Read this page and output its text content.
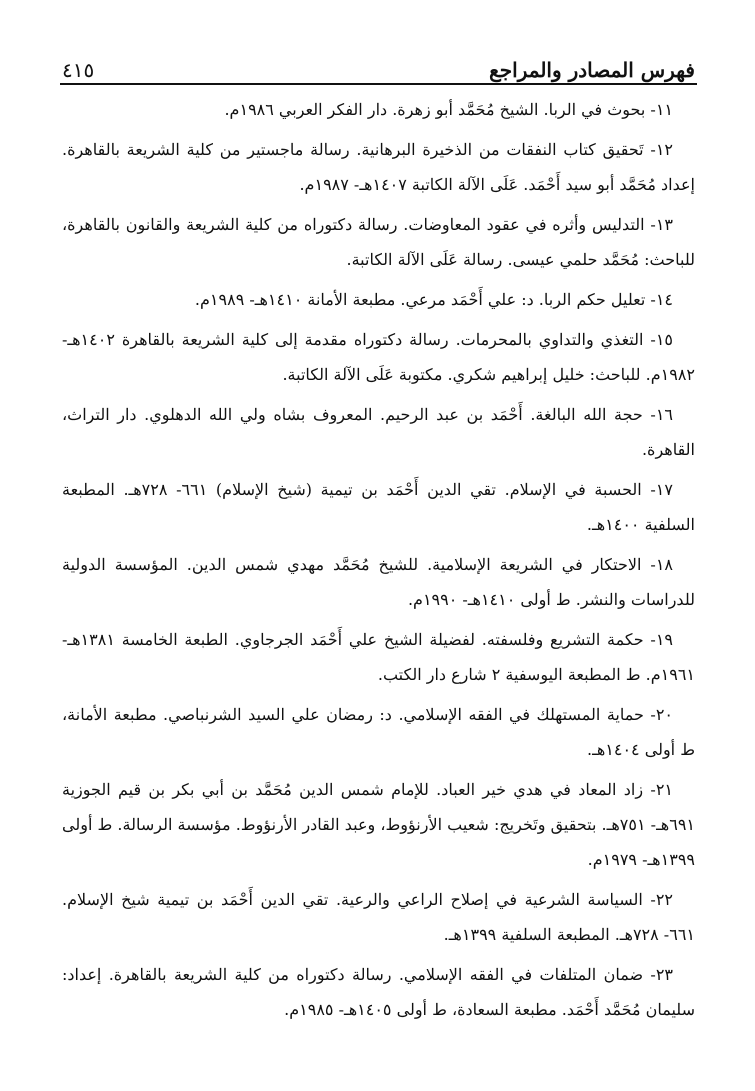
فهرس المصادر والمراجع
٤١٥

١١- بحوث في الربا. الشيخ مُحَمَّد أبو زهرة. دار الفكر العربي ١٩٨٦م.

١٢- تَحقيق كتاب النفقات من الذخيرة البرهانية. رسالة ماجستير من كلية الشريعة بالقاهرة. إعداد مُحَمَّد أبو سيد أَحْمَد. عَلَى الآلة الكاتبة ١٤٠٧هـ- ١٩٨٧م.

١٣- التدليس وأثره في عقود المعاوضات. رسالة دكتوراه من كلية الشريعة والقانون بالقاهرة، للباحث: مُحَمَّد حلمي عيسى. رسالة عَلَى الآلة الكاتبة.

١٤- تعليل حكم الربا. د: علي أَحْمَد مرعي. مطبعة الأمانة ١٤١٠هـ- ١٩٨٩م.

١٥- التغذي والتداوي بالمحرمات. رسالة دكتوراه مقدمة إلى كلية الشريعة بالقاهرة ١٤٠٢هـ- ١٩٨٢م. للباحث: خليل إبراهيم شكري. مكتوبة عَلَى الآلة الكاتبة.

١٦- حجة الله البالغة. أَحْمَد بن عبد الرحيم. المعروف بشاه ولي الله الدهلوي. دار التراث، القاهرة.

١٧- الحسبة في الإسلام. تقي الدين أَحْمَد بن تيمية (شيخ الإسلام) ٦٦١- ٧٢٨هـ. المطبعة السلفية ١٤٠٠هـ.

١٨- الاحتكار في الشريعة الإسلامية. للشيخ مُحَمَّد مهدي شمس الدين. المؤسسة الدولية للدراسات والنشر. ط أولى ١٤١٠هـ- ١٩٩٠م.

١٩- حكمة التشريع وفلسفته. لفضيلة الشيخ علي أَحْمَد الجرجاوي. الطبعة الخامسة ١٣٨١هـ- ١٩٦١م. ط المطبعة اليوسفية ٢ شارع دار الكتب.

٢٠- حماية المستهلك في الفقه الإسلامي. د: رمضان علي السيد الشرنباصي. مطبعة الأمانة، ط أولى ١٤٠٤هـ.

٢١- زاد المعاد في هدي خير العباد. للإمام شمس الدين مُحَمَّد بن أبي بكر بن قيم الجوزية ٦٩١هـ- ٧٥١هـ. بتحقيق وتَخريج: شعيب الأرنؤوط، وعبد القادر الأرنؤوط. مؤسسة الرسالة. ط أولى ١٣٩٩هـ- ١٩٧٩م.

٢٢- السياسة الشرعية في إصلاح الراعي والرعية. تقي الدين أَحْمَد بن تيمية شيخ الإسلام. ٦٦١- ٧٢٨هـ. المطبعة السلفية ١٣٩٩هـ.

٢٣- ضمان المتلفات في الفقه الإسلامي. رسالة دكتوراه من كلية الشريعة بالقاهرة. إعداد: سليمان مُحَمَّد أَحْمَد. مطبعة السعادة، ط أولى ١٤٠٥هـ- ١٩٨٥م.
